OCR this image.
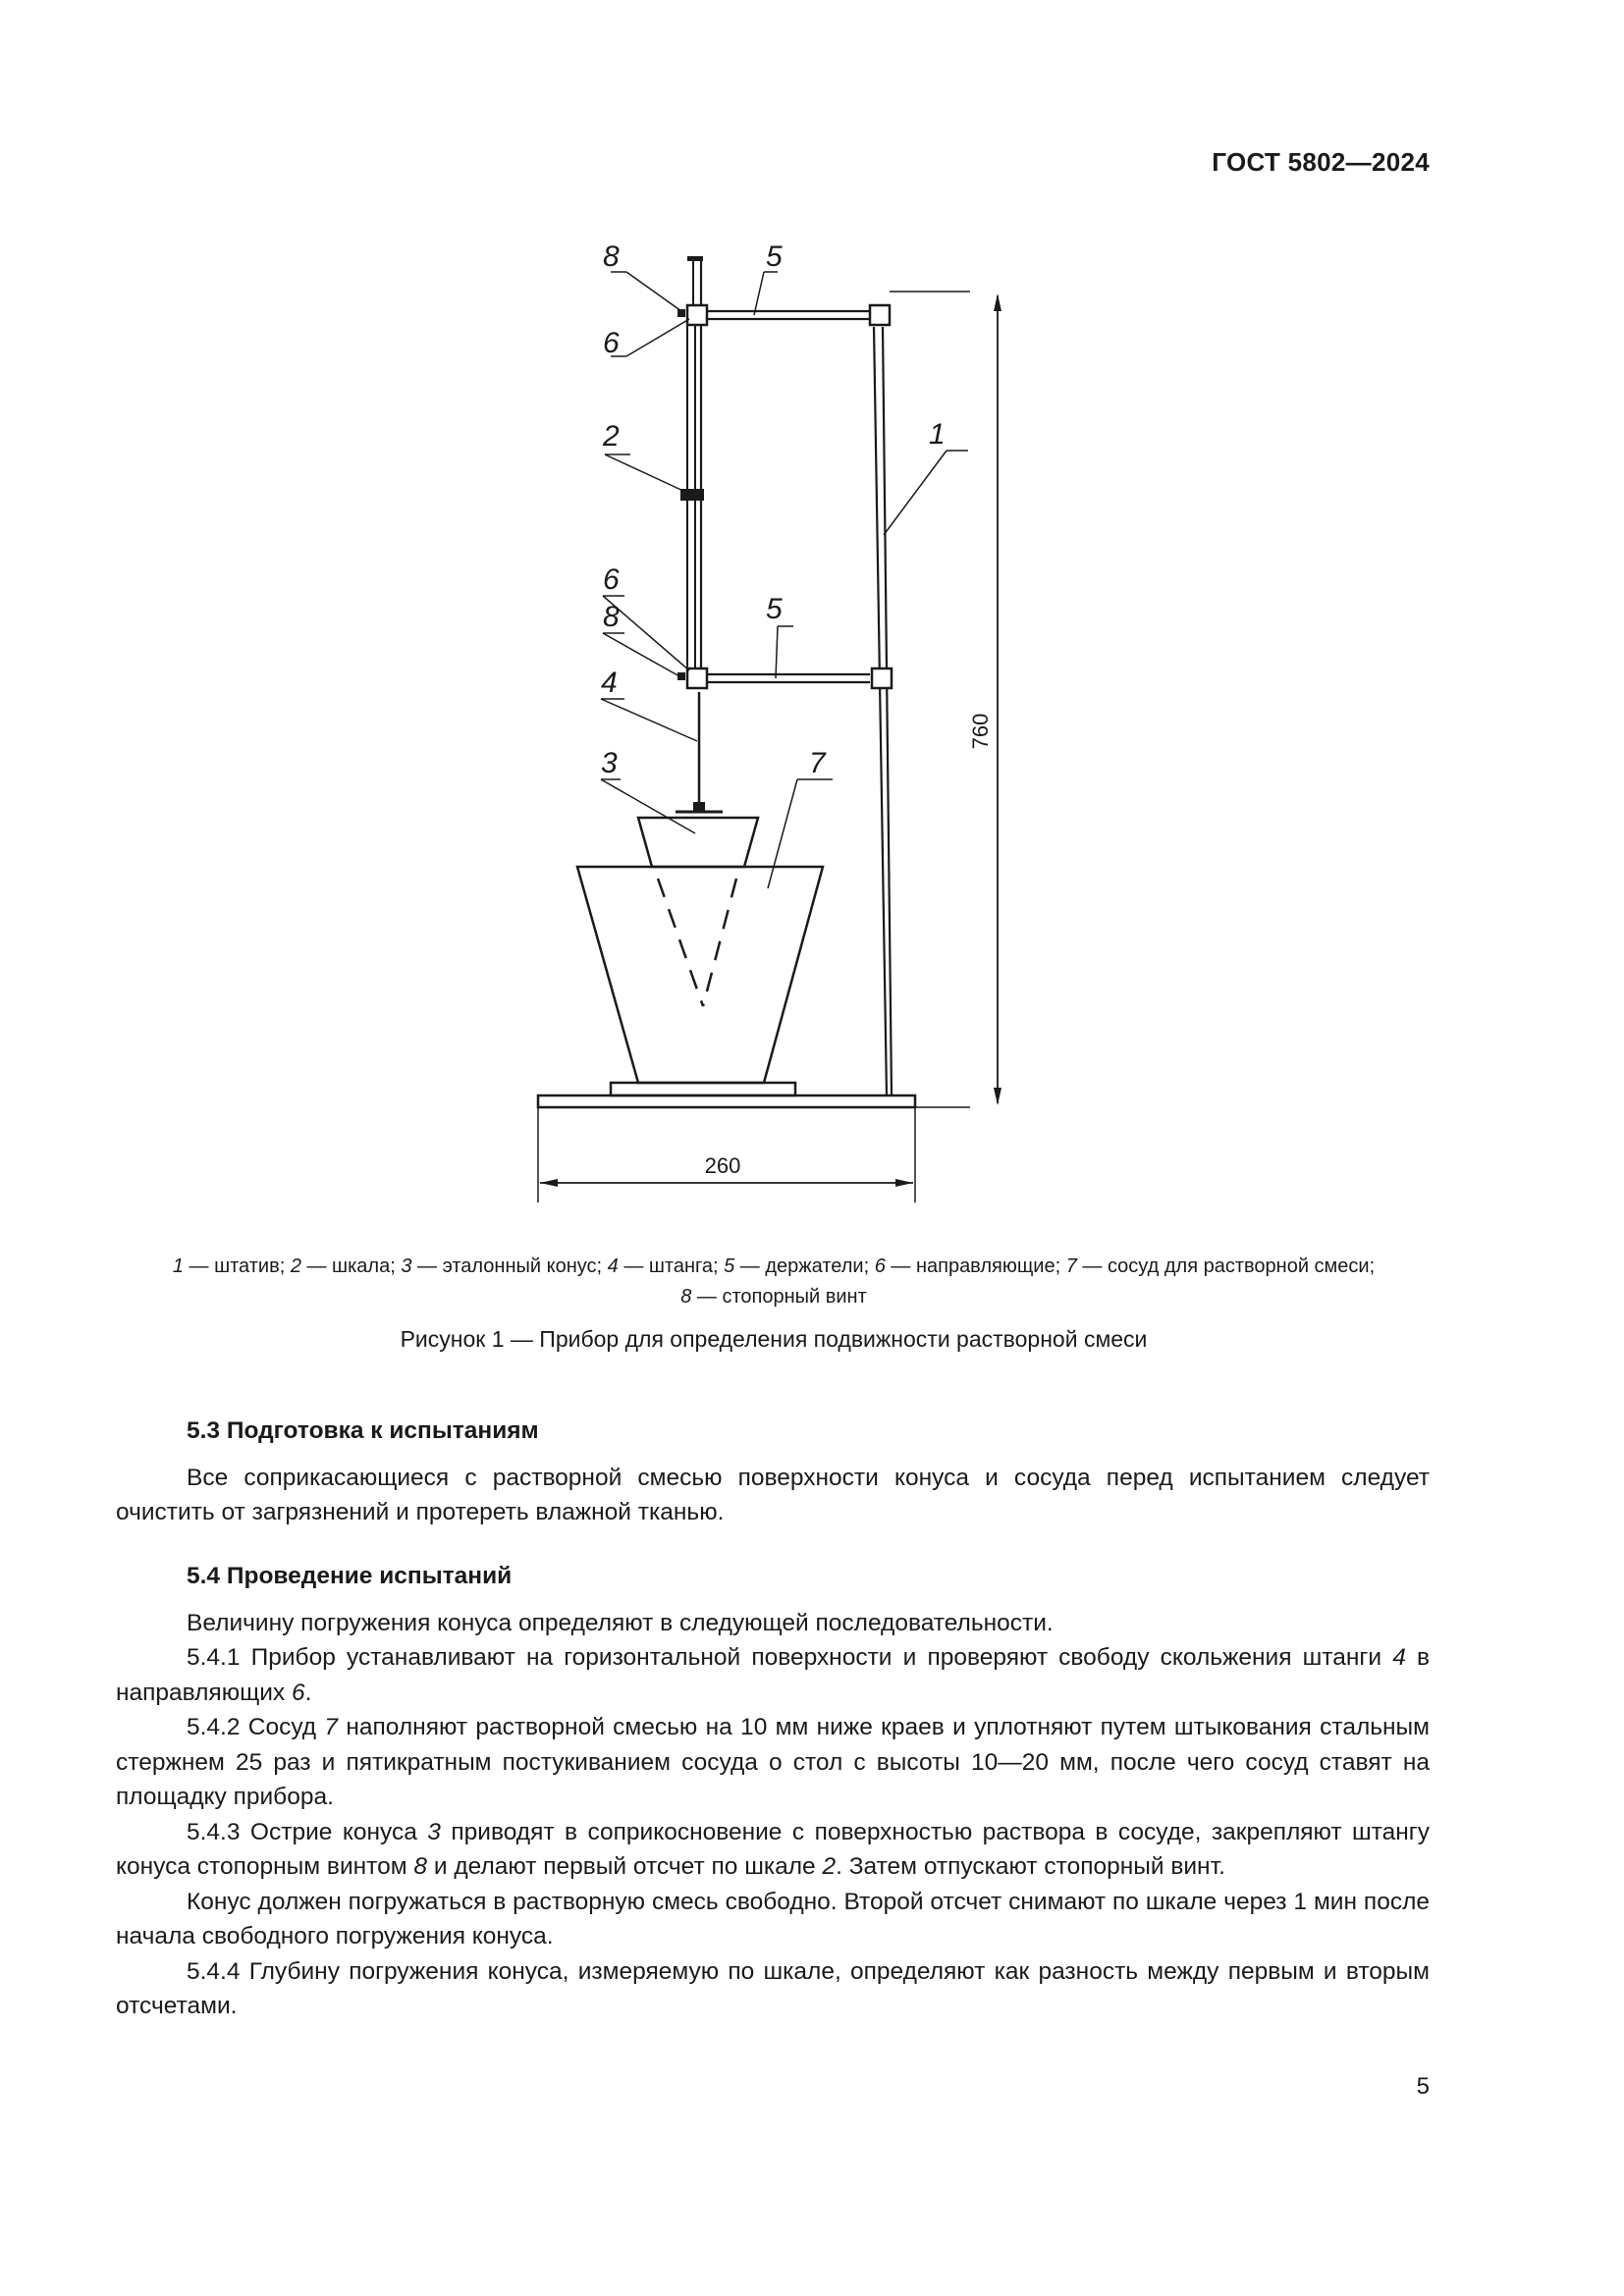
ГОСТ 5802—2024
760
260
8	5
6
2	1
6
8	5
4
3	7
1 — штатив; 2 — шкала; 3 — эталонный конус; 4 — штанга; 5 — держатели; 6 — направляющие; 7 — сосуд для растворной смеси;
8 — стопорный винт
Рисунок 1 — Прибор для определения подвижности растворной смеси
5.3 Подготовка к испытаниям

Все соприкасающиеся с растворной смесью поверхности конуса и сосуда перед испытанием следует очистить от загрязнений и протереть влажной тканью.

5.4 Проведение испытаний

Величину погружения конуса определяют в следующей последовательности.

5.4.1 Прибор устанавливают на горизонтальной поверхности и проверяют свободу скольжения штанги 4 в направляющих 6.

5.4.2 Сосуд 7 наполняют растворной смесью на 10 мм ниже краев и уплотняют путем штыкования стальным стержнем 25 раз и пятикратным постукиванием сосуда о стол с высоты 10—20 мм, после чего сосуд ставят на площадку прибора.

5.4.3 Острие конуса 3 приводят в соприкосновение с поверхностью раствора в сосуде, закрепляют штангу конуса стопорным винтом 8 и делают первый отсчет по шкале 2. Затем отпускают стопорный винт.

Конус должен погружаться в растворную смесь свободно. Второй отсчет снимают по шкале через 1 мин после начала свободного погружения конуса.

5.4.4 Глубину погружения конуса, измеряемую по шкале, определяют как разность между первым и вторым отсчетами.

5
